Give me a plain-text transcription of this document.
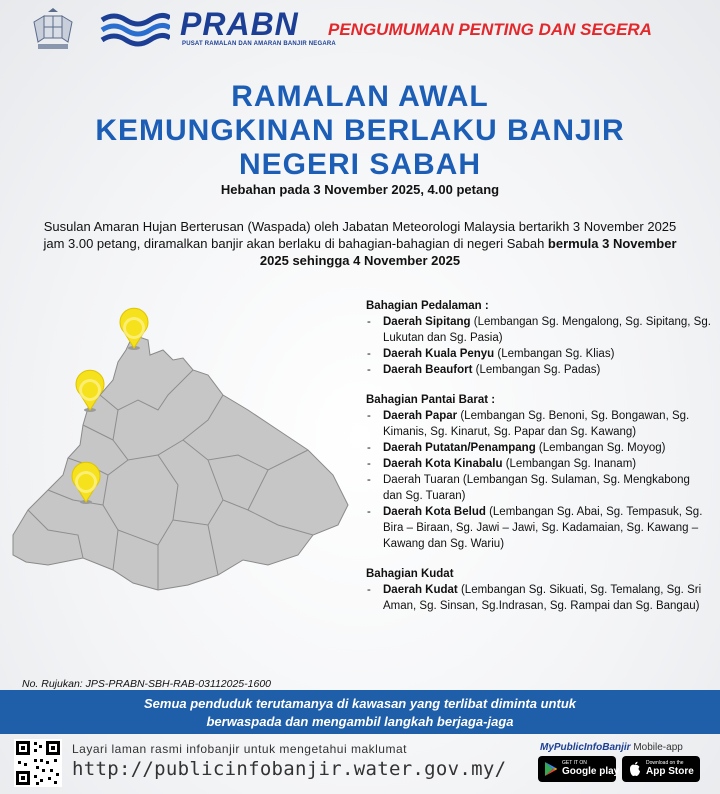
PRABN
PUSAT RAMALAN DAN AMARAN BANJIR NEGARA
PENGUMUMAN PENTING DAN SEGERA
RAMALAN AWAL
KEMUNGKINAN BERLAKU BANJIR
NEGERI SABAH
Hebahan pada 3 November 2025, 4.00 petang
Susulan Amaran Hujan Berterusan (Waspada) oleh Jabatan Meteorologi Malaysia bertarikh 3 November 2025 jam 3.00 petang, diramalkan banjir akan berlaku di bahagian-bahagian di negeri Sabah bermula 3 November 2025 sehingga 4 November 2025
Bahagian Pedalaman :
- Daerah Sipitang (Lembangan Sg. Mengalong, Sg. Sipitang, Sg. Lukutan dan Sg. Pasia)
- Daerah Kuala Penyu (Lembangan Sg. Klias)
- Daerah Beaufort (Lembangan Sg. Padas)
Bahagian Pantai Barat :
- Daerah Papar (Lembangan Sg. Benoni, Sg. Bongawan, Sg. Kimanis, Sg. Kinarut, Sg. Papar dan Sg. Kawang)
- Daerah Putatan/Penampang (Lembangan Sg. Moyog)
- Daerah Kota Kinabalu (Lembangan Sg. Inanam)
- Daerah Tuaran (Lembangan Sg. Sulaman, Sg. Mengkabong dan Sg. Tuaran)
- Daerah Kota Belud (Lembangan Sg. Abai, Sg. Tempasuk, Sg. Bira – Biraan, Sg. Jawi – Jawi, Sg. Kadamaian, Sg. Kawang – Kawang dan Sg. Wariu)
Bahagian Kudat
- Daerah Kudat (Lembangan Sg. Sikuati, Sg. Temalang, Sg. Sri Aman, Sg. Sinsan, Sg.Indrasan, Sg. Rampai dan Sg. Bangau)
No. Rujukan: JPS-PRABN-SBH-RAB-03112025-1600
Semua penduduk terutamanya di kawasan yang terlibat diminta untuk
berwaspada dan mengambil langkah berjaga-jaga
Layari laman rasmi infobanjir untuk mengetahui maklumat
http://publicinfobanjir.water.gov.my/
MyPublicInfoBanjir Mobile-app
GET IT ON
Google play
Download on the
App Store
